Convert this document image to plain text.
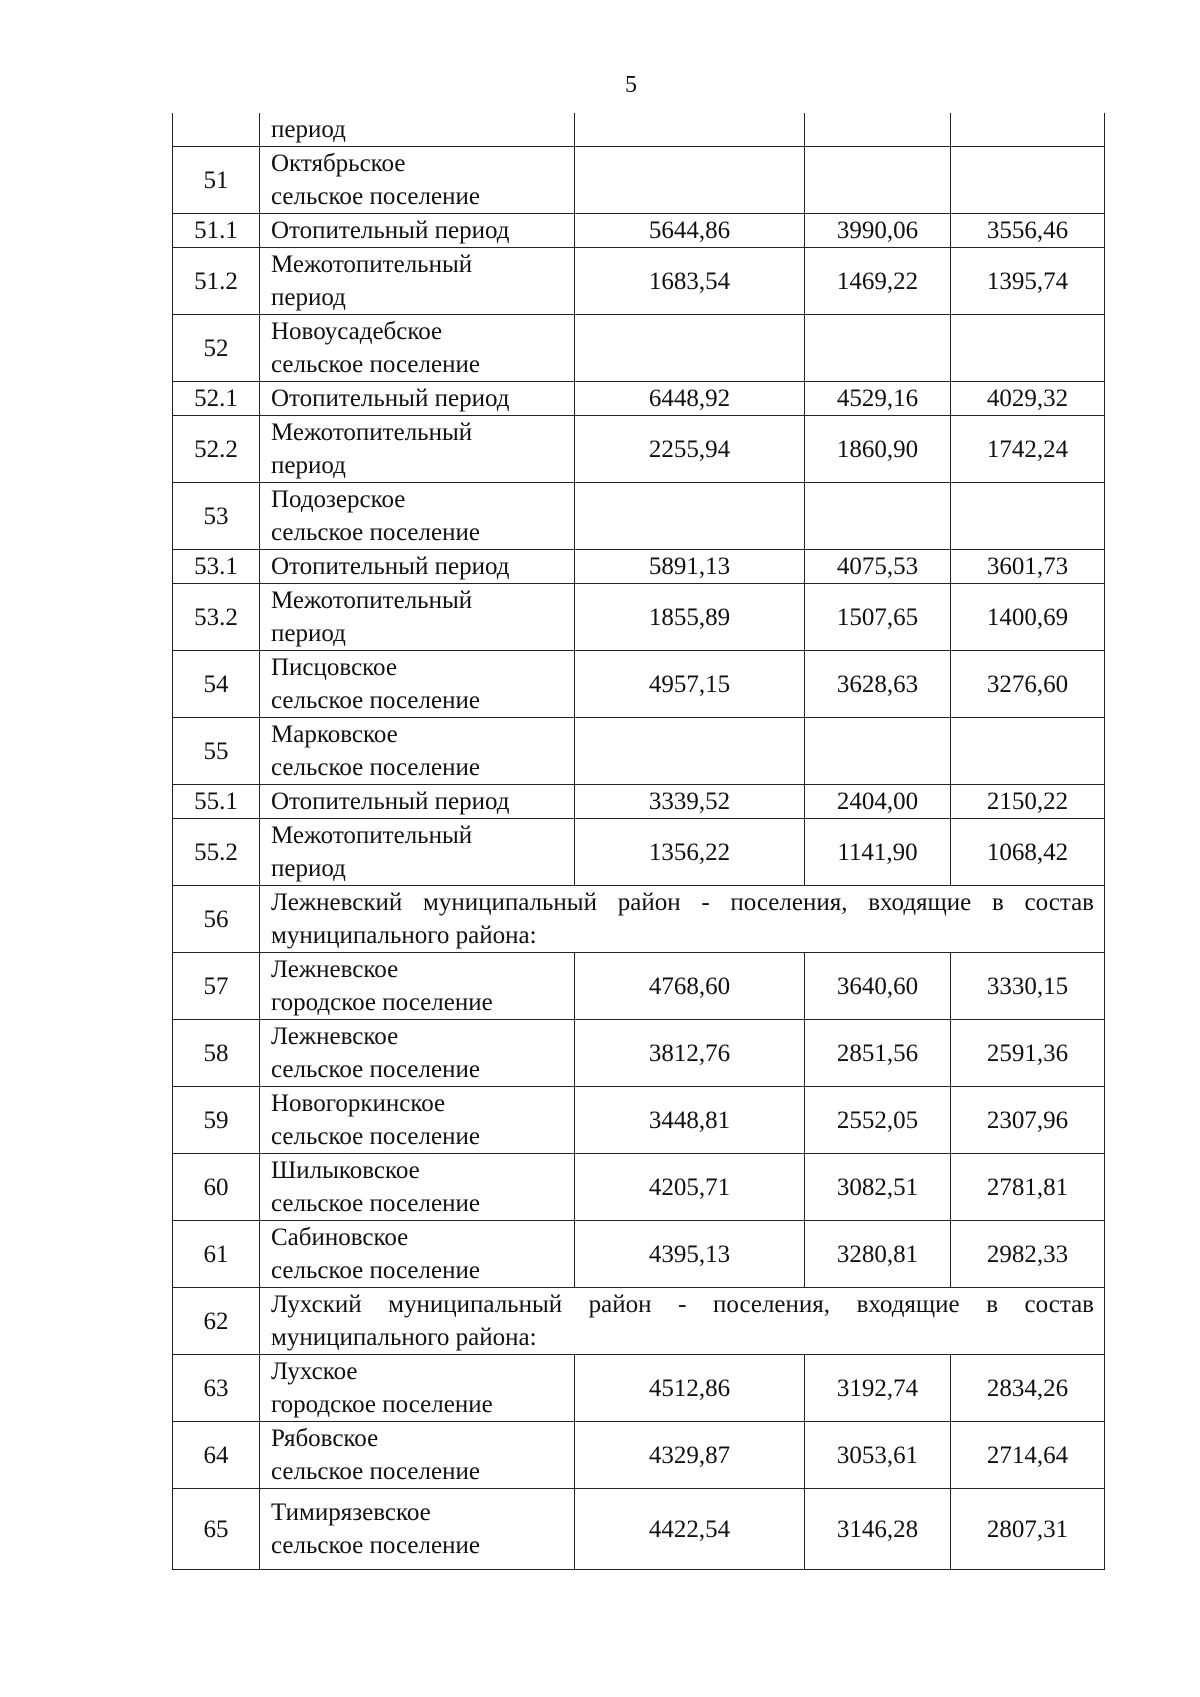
5

	период			

51	Октябрьское
сельское поселение			

51.1	Отопительный период	5644,86	3990,06	3556,46
51.2	Межотопительный
период	1683,54	1469,22	1395,74
52	Новоусадебское
сельское поселение			

52.1	Отопительный период	6448,92	4529,16	4029,32
52.2	Межотопительный
период	2255,94	1860,90	1742,24
53	Подозерское
сельское поселение			

53.1	Отопительный период	5891,13	4075,53	3601,73
53.2	Межотопительный
период	1855,89	1507,65	1400,69
54	Писцовское
сельское поселение	4957,15	3628,63	3276,60
55	Марковское
сельское поселение			

55.1	Отопительный период	3339,52	2404,00	2150,22
55.2	Межотопительный
период	1356,22	1141,90	1068,42
56	Лежневский муниципальный район - поселения, входящие в состав муниципального района:			
57	Лежневское
городское поселение	4768,60	3640,60	3330,15
58	Лежневское
сельское поселение	3812,76	2851,56	2591,36
59	Новогоркинское
сельское поселение	3448,81	2552,05	2307,96
60	Шилыковское
сельское поселение	4205,71	3082,51	2781,81
61	Сабиновское
сельское поселение	4395,13	3280,81	2982,33
62	Лухский муниципальный район - поселения, входящие в состав муниципального района:			
63	Лухское
городское поселение	4512,86	3192,74	2834,26
64	Рябовское
сельское поселение	4329,87	3053,61	2714,64
65	Тимирязевское
сельское поселение	4422,54	3146,28	2807,31
